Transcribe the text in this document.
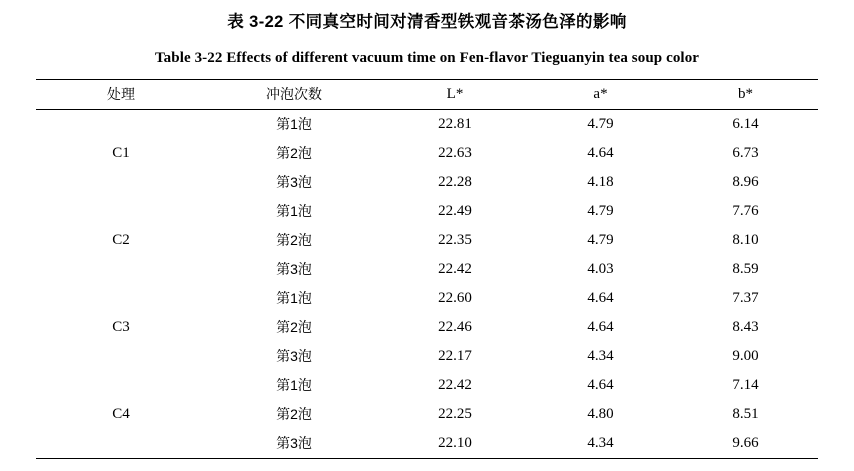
表 3-22 不同真空时间对清香型铁观音茶汤色泽的影响
Table 3-22 Effects of different vacuum time on Fen-flavor Tieguanyin tea soup color
处理	冲泡次数	L*	a*	b*
C1	第1泡	22.81	4.79	6.14
	第2泡	22.63	4.64	6.73
	第3泡	22.28	4.18	8.96
C2	第1泡	22.49	4.79	7.76
	第2泡	22.35	4.79	8.10
	第3泡	22.42	4.03	8.59
C3	第1泡	22.60	4.64	7.37
	第2泡	22.46	4.64	8.43
	第3泡	22.17	4.34	9.00
C4	第1泡	22.42	4.64	7.14
	第2泡	22.25	4.80	8.51
	第3泡	22.10	4.34	9.66
